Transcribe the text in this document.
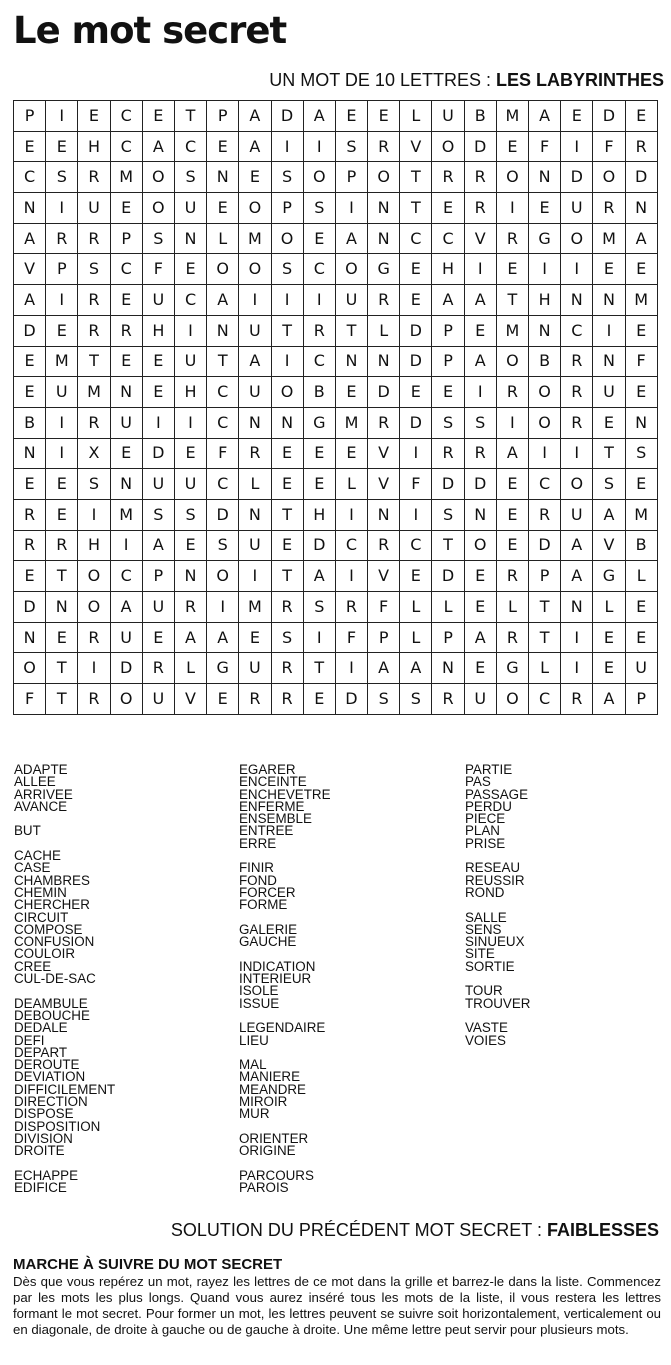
Le mot secret
UN MOT DE 10 LETTRES : LES LABYRINTHES
P	I	E	C	E	T	P	A	D	A	E	E	L	U	B	M	A	E	D	E
E	E	H	C	A	C	E	A	I	I	S	R	V	O	D	E	F	I	F	R
C	S	R	M	O	S	N	E	S	O	P	O	T	R	R	O	N	D	O	D
N	I	U	E	O	U	E	O	P	S	I	N	T	E	R	I	E	U	R	N
A	R	R	P	S	N	L	M	O	E	A	N	C	C	V	R	G	O	M	A
V	P	S	C	F	E	O	O	S	C	O	G	E	H	I	E	I	I	E	E
A	I	R	E	U	C	A	I	I	I	U	R	E	A	A	T	H	N	N	M
D	E	R	R	H	I	N	U	T	R	T	L	D	P	E	M	N	C	I	E
E	M	T	E	E	U	T	A	I	C	N	N	D	P	A	O	B	R	N	F
E	U	M	N	E	H	C	U	O	B	E	D	E	E	I	R	O	R	U	E
B	I	R	U	I	I	C	N	N	G	M	R	D	S	S	I	O	R	E	N
N	I	X	E	D	E	F	R	E	E	E	V	I	R	R	A	I	I	T	S
E	E	S	N	U	U	C	L	E	E	L	V	F	D	D	E	C	O	S	E
R	E	I	M	S	S	D	N	T	H	I	N	I	S	N	E	R	U	A	M
R	R	H	I	A	E	S	U	E	D	C	R	C	T	O	E	D	A	V	B
E	T	O	C	P	N	O	I	T	A	I	V	E	D	E	R	P	A	G	L
D	N	O	A	U	R	I	M	R	S	R	F	L	L	E	L	T	N	L	E
N	E	R	U	E	A	A	E	S	I	F	P	L	P	A	R	T	I	E	E
O	T	I	D	R	L	G	U	R	T	I	A	A	N	E	G	L	I	E	U
F	T	R	O	U	V	E	R	R	E	D	S	S	R	U	O	C	R	A	P
ADAPTE
ALLEE
ARRIVEE
AVANCE
BUT
CACHE
CASE
CHAMBRES
CHEMIN
CHERCHER
CIRCUIT
COMPOSE
CONFUSION
COULOIR
CREE
CUL-DE-SAC
DEAMBULE
DEBOUCHE
DEDALE
DEFI
DEPART
DEROUTE
DEVIATION
DIFFICILEMENT
DIRECTION
DISPOSE
DISPOSITION
DIVISION
DROITE
ECHAPPE
EDIFICE
EGARER
ENCEINTE
ENCHEVETRE
ENFERME
ENSEMBLE
ENTREE
ERRE
FINIR
FOND
FORCER
FORME
GALERIE
GAUCHE
INDICATION
INTERIEUR
ISOLE
ISSUE
LEGENDAIRE
LIEU
MAL
MANIERE
MEANDRE
MIROIR
MUR
ORIENTER
ORIGINE
PARCOURS
PAROIS
PARTIE
PAS
PASSAGE
PERDU
PIECE
PLAN
PRISE
RESEAU
REUSSIR
ROND
SALLE
SENS
SINUEUX
SITE
SORTIE
TOUR
TROUVER
VASTE
VOIES
SOLUTION DU PRÉCÉDENT MOT SECRET : FAIBLESSES
MARCHE À SUIVRE DU MOT SECRET
Dès que vous repérez un mot, rayez les lettres de ce mot dans la grille et barrez-le dans la liste. Commencez par les mots les plus longs. Quand vous aurez inséré tous les mots de la liste, il vous restera les lettres formant le mot secret. Pour former un mot, les lettres peuvent se suivre soit horizontalement, verticalement ou en diagonale, de droite à gauche ou de gauche à droite. Une même lettre peut servir pour plusieurs mots.
